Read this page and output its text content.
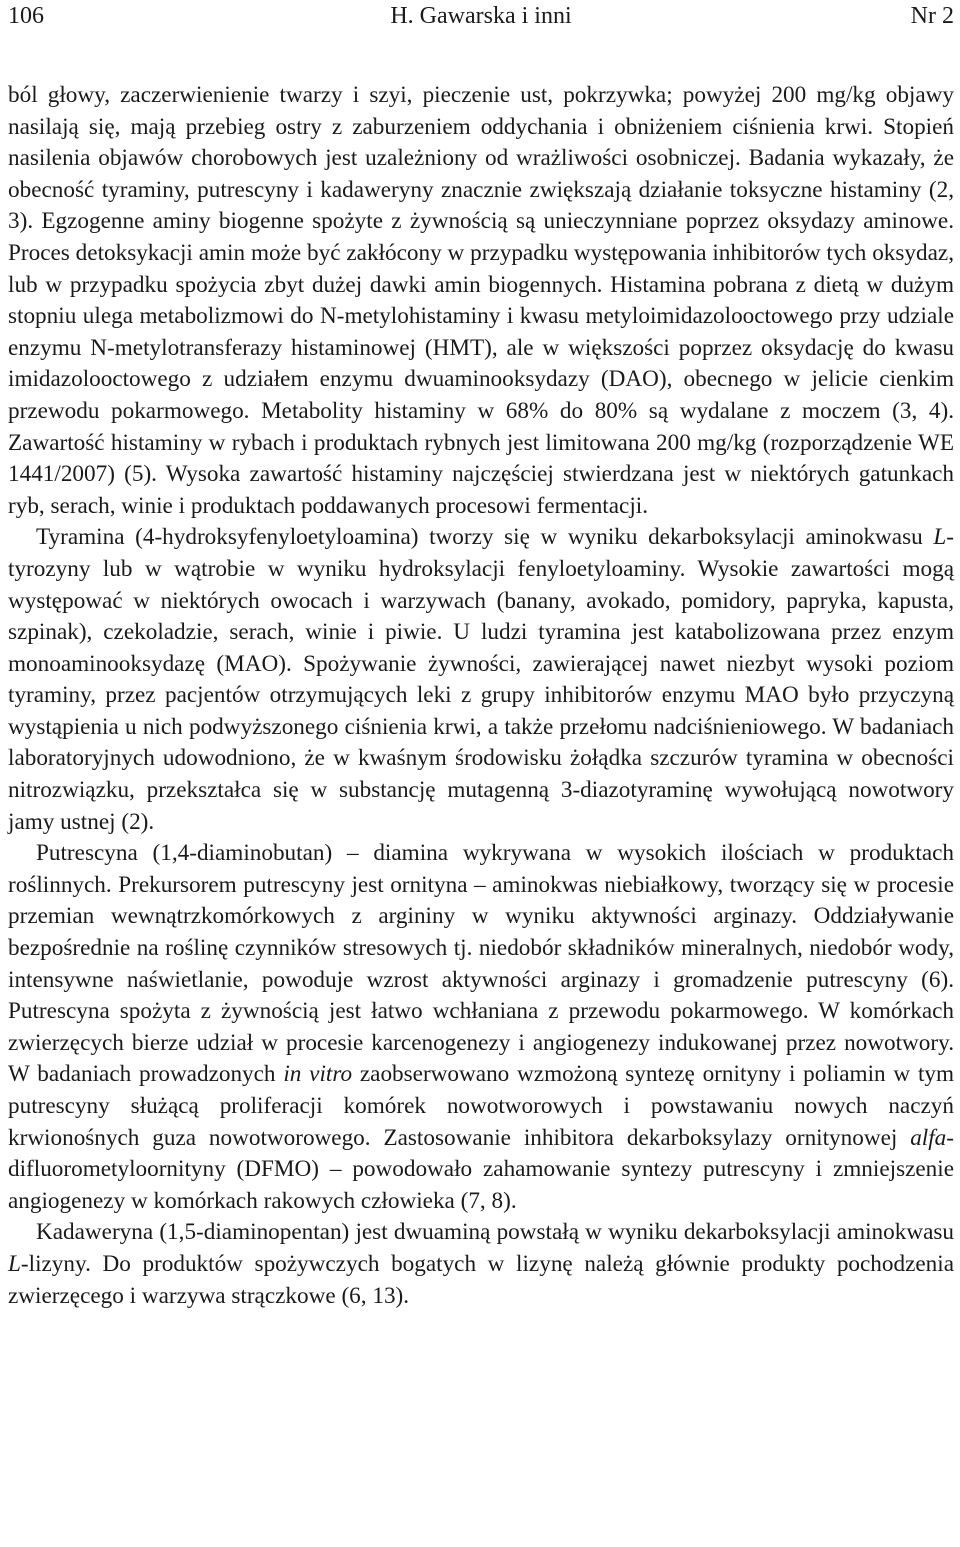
106	H. Gawarska i inni	Nr 2

ból głowy, zaczerwienienie twarzy i szyi, pieczenie ust, pokrzywka; powyżej 200 mg/kg objawy nasilają się, mają przebieg ostry z zaburzeniem oddychania i obniżeniem ciśnienia krwi. Stopień nasilenia objawów chorobowych jest uzależniony od wrażliwości osobniczej. Badania wykazały, że obecność tyraminy, putrescyny i kadaweryny znacznie zwiększają działanie toksyczne histaminy (2, 3). Egzogenne aminy biogenne spożyte z żywnością są unieczynniane poprzez oksydazy aminowe. Proces detoksykacji amin może być zakłócony w przypadku występowania inhibitorów tych oksydaz, lub w przypadku spożycia zbyt dużej dawki amin biogennych. Histamina pobrana z dietą w dużym stopniu ulega metabolizmowi do N-metylohistaminy i kwasu metyloimidazolooctowego przy udziale enzymu N-metylotransferazy histaminowej (HMT), ale w większości poprzez oksydację do kwasu imidazolooctowego z udziałem enzymu dwuaminooksydazy (DAO), obecnego w jelicie cienkim przewodu pokarmowego. Metabolity histaminy w 68% do 80% są wydalane z moczem (3, 4). Zawartość histaminy w rybach i produktach rybnych jest limitowana 200 mg/kg (rozporządzenie WE 1441/2007) (5). Wysoka zawartość histaminy najczęściej stwierdzana jest w niektórych gatunkach ryb, serach, winie i produktach poddawanych procesowi fermentacji.

Tyramina (4-hydroksyfenyloetyloamina) tworzy się w wyniku dekarboksylacji aminokwasu L-tyrozyny lub w wątrobie w wyniku hydroksylacji fenyloetyloaminy. Wysokie zawartości mogą występować w niektórych owocach i warzywach (banany, avokado, pomidory, papryka, kapusta, szpinak), czekoladzie, serach, winie i piwie. U ludzi tyramina jest katabolizowana przez enzym monoaminooksydazę (MAO). Spożywanie żywności, zawierającej nawet niezbyt wysoki poziom tyraminy, przez pacjentów otrzymujących leki z grupy inhibitorów enzymu MAO było przyczyną wystąpienia u nich podwyższonego ciśnienia krwi, a także przełomu nadciśnieniowego. W badaniach laboratoryjnych udowodniono, że w kwaśnym środowisku żołądka szczurów tyramina w obecności nitrozwiązku, przekształca się w substancję mutagenną 3-diazotyraminę wywołującą nowotwory jamy ustnej (2).

Putrescyna (1,4-diaminobutan) – diamina wykrywana w wysokich ilościach w produktach roślinnych. Prekursorem putrescyny jest ornityna – aminokwas niebiałkowy, tworzący się w procesie przemian wewnątrzkomórkowych z argininy w wyniku aktywności arginazy. Oddziaływanie bezpośrednie na roślinę czynników stresowych tj. niedobór składników mineralnych, niedobór wody, intensywne naświetlanie, powoduje wzrost aktywności arginazy i gromadzenie putrescyny (6). Putrescyna spożyta z żywnością jest łatwo wchłaniana z przewodu pokarmowego. W komórkach zwierzęcych bierze udział w procesie karcenogenezy i angiogenezy indukowanej przez nowotwory. W badaniach prowadzonych in vitro zaobserwowano wzmożoną syntezę ornityny i poliamin w tym putrescyny służącą proliferacji komórek nowotworowych i powstawaniu nowych naczyń krwionośnych guza nowotworowego. Zastosowanie inhibitora dekarboksylazy ornitynowej alfa-difluorometyloornityny (DFMO) – powodowało zahamowanie syntezy putrescyny i zmniejszenie angiogenezy w komórkach rakowych człowieka (7, 8).

Kadaweryna (1,5-diaminopentan) jest dwuaminą powstałą w wyniku dekarboksylacji aminokwasu L-lizyny. Do produktów spożywczych bogatych w lizynę należą głównie produkty pochodzenia zwierzęcego i warzywa strączkowe (6, 13).
